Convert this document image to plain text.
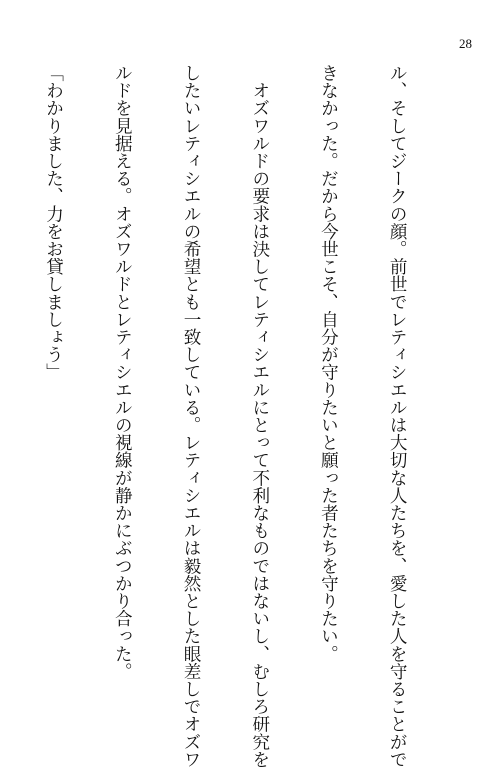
28

ル、そしてジークの顔。前世でレティシエルは大切な人たちを、愛した人を守ることがで

きなかった。だから今世こそ、自分が守りたいと願った者たちを守りたい。

　オズワルドの要求は決してレティシエルにとって不利なものではないし、むしろ研究を

したいレティシエルの希望とも一致している。レティシエルは毅然とした眼差しでオズワ

ルドを見据える。オズワルドとレティシエルの視線が静かにぶつかり合った。

「わかりました、力をお貸しましょう」
